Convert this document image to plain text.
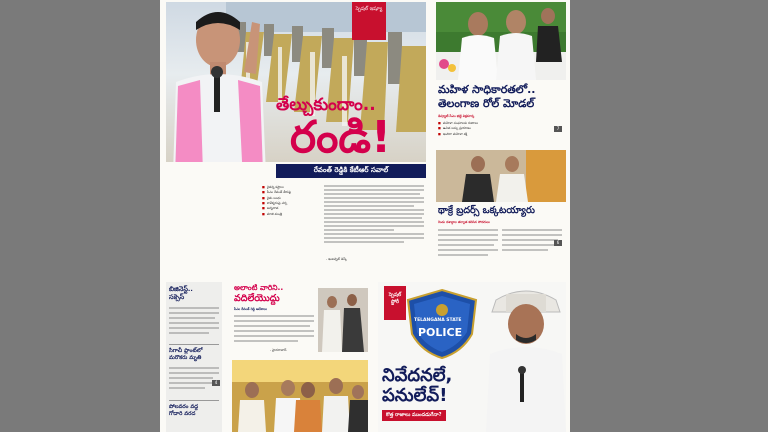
స్పెషల్ ఇష్యూ
తేల్చుకుందాం..
రండి!
రేవంత్ రెడ్డికి కేటీఆర్ సవాల్
■ రైతన్న కష్టాలు
■ సీఎం రేవంత్ తీరుపై
■ రైతు బంధు
■ కాళేశ్వరంపై చర్చ
■ అన్నదాత
■ మాజీ మంత్రి
- ఇంటర్నెట్ డెస్క్
మహిళ సాధికారతలో..
తెలంగాణ రోల్ మోడల్
డిప్యూటీ సీఎం భట్టి విక్రమార్క
■ మహిళా సంఘాలకు రుణాలు
■ ఉచిత బస్సు ప్రయాణం
■ ఇందిరా మహిళా శక్తి
7
థాక్రే బ్రదర్స్ ఒక్కటయ్యారు
రెండు దశాబ్దాల తర్వాత కలిసిన సోదరులు
6
బిజినెస్ట్..
సక్సెస్
సిగాచీ ప్లాంట్‌లో
మరొకరు మృతి
4
పోలవరం వద్ద
గోదారి వరద
అలాంటి వారిని..
వదిలేయొద్దు
సీఎం రేవంత్ రెడ్డి ఆదేశాలు
- హైదరాబాద్
స్పెషల్
స్టోరీ
TELANGANA STATE
POLICE
నివేదనలే,
పనులేవ్!
కొత్త రాజాలు ముందడుగేనా?
